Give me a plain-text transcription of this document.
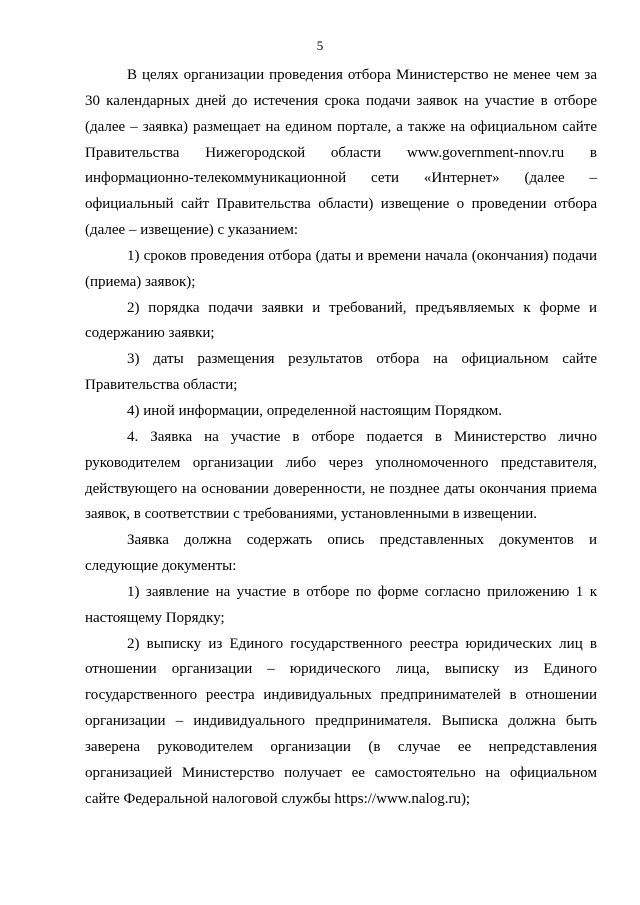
5

В целях организации проведения отбора Министерство не менее чем за 30 календарных дней до истечения срока подачи заявок на участие в отборе (далее – заявка) размещает на едином портале, а также на официальном сайте Правительства Нижегородской области www.government-nnov.ru в информационно-телекоммуникационной сети «Интернет» (далее – официальный сайт Правительства области) извещение о проведении отбора (далее – извещение) с указанием:

1) сроков проведения отбора (даты и времени начала (окончания) подачи (приема) заявок);

2) порядка подачи заявки и требований, предъявляемых к форме и содержанию заявки;

3) даты размещения результатов отбора на официальном сайте Правительства области;

4) иной информации, определенной настоящим Порядком.

4. Заявка на участие в отборе подается в Министерство лично руководителем организации либо через уполномоченного представителя, действующего на основании доверенности, не позднее даты окончания приема заявок, в соответствии с требованиями, установленными в извещении.

Заявка должна содержать опись представленных документов и следующие документы:

1) заявление на участие в отборе по форме согласно приложению 1 к настоящему Порядку;

2) выписку из Единого государственного реестра юридических лиц в отношении организации – юридического лица, выписку из Единого государственного реестра индивидуальных предпринимателей в отношении организации – индивидуального предпринимателя. Выписка должна быть заверена руководителем организации (в случае ее непредставления организацией Министерство получает ее самостоятельно на официальном сайте Федеральной налоговой службы https://www.nalog.ru);
